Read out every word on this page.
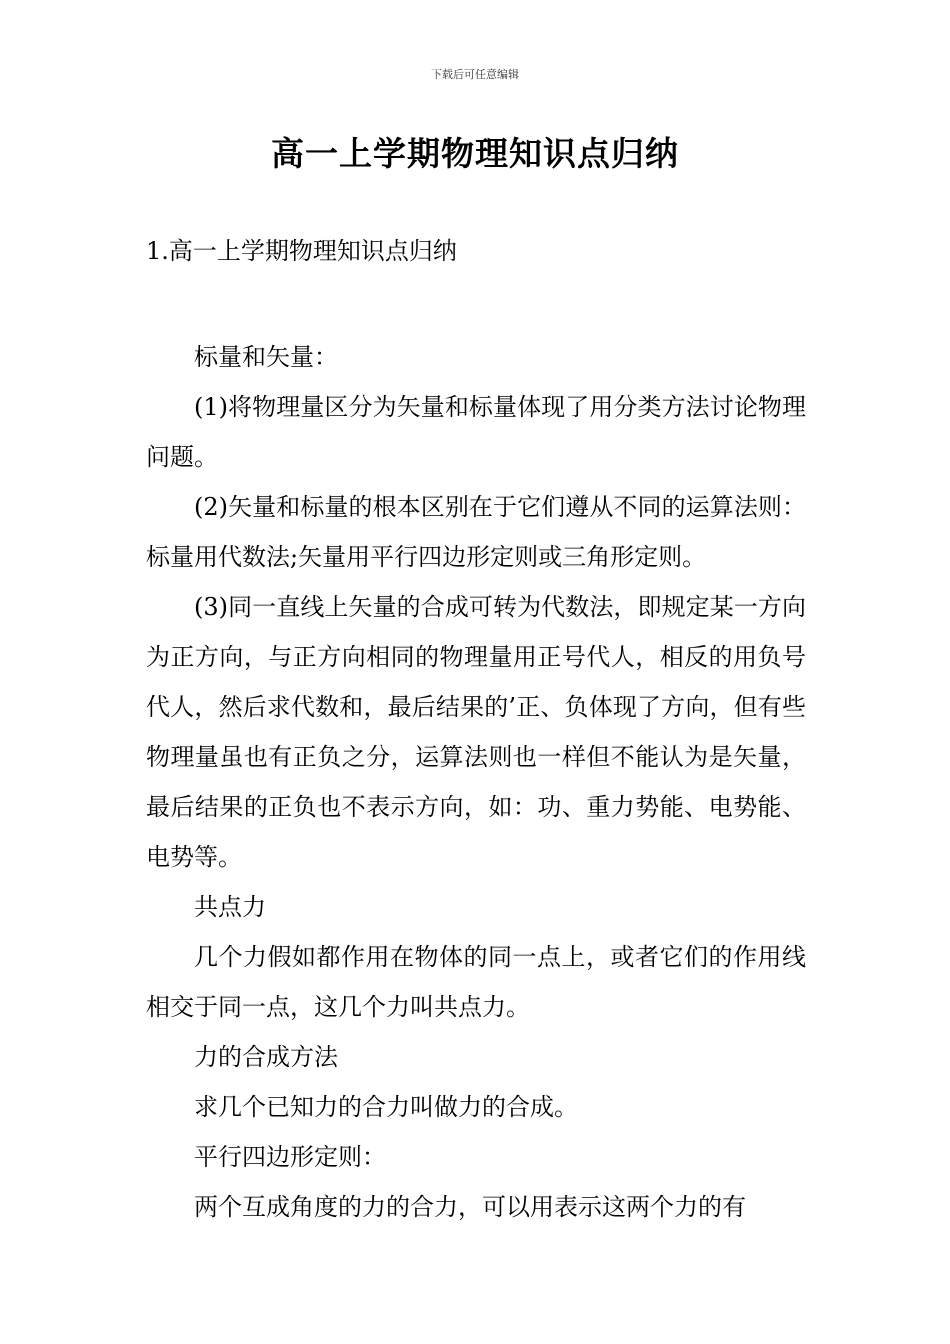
下载后可任意编辑
高一上学期物理知识点归纳
1.高一上学期物理知识点归纳

标量和矢量：

(1)将物理量区分为矢量和标量体现了用分类方法讨论物理问题。

(2)矢量和标量的根本区别在于它们遵从不同的运算法则：标量用代数法;矢量用平行四边形定则或三角形定则。

(3)同一直线上矢量的合成可转为代数法，即规定某一方向为正方向，与正方向相同的物理量用正号代人，相反的用负号代人，然后求代数和，最后结果的’正、负体现了方向，但有些物理量虽也有正负之分，运算法则也一样但不能认为是矢量，最后结果的正负也不表示方向，如：功、重力势能、电势能、电势等。

共点力

几个力假如都作用在物体的同一点上，或者它们的作用线相交于同一点，这几个力叫共点力。

力的合成方法

求几个已知力的合力叫做力的合成。

平行四边形定则：

两个互成角度的力的合力，可以用表示这两个力的有
